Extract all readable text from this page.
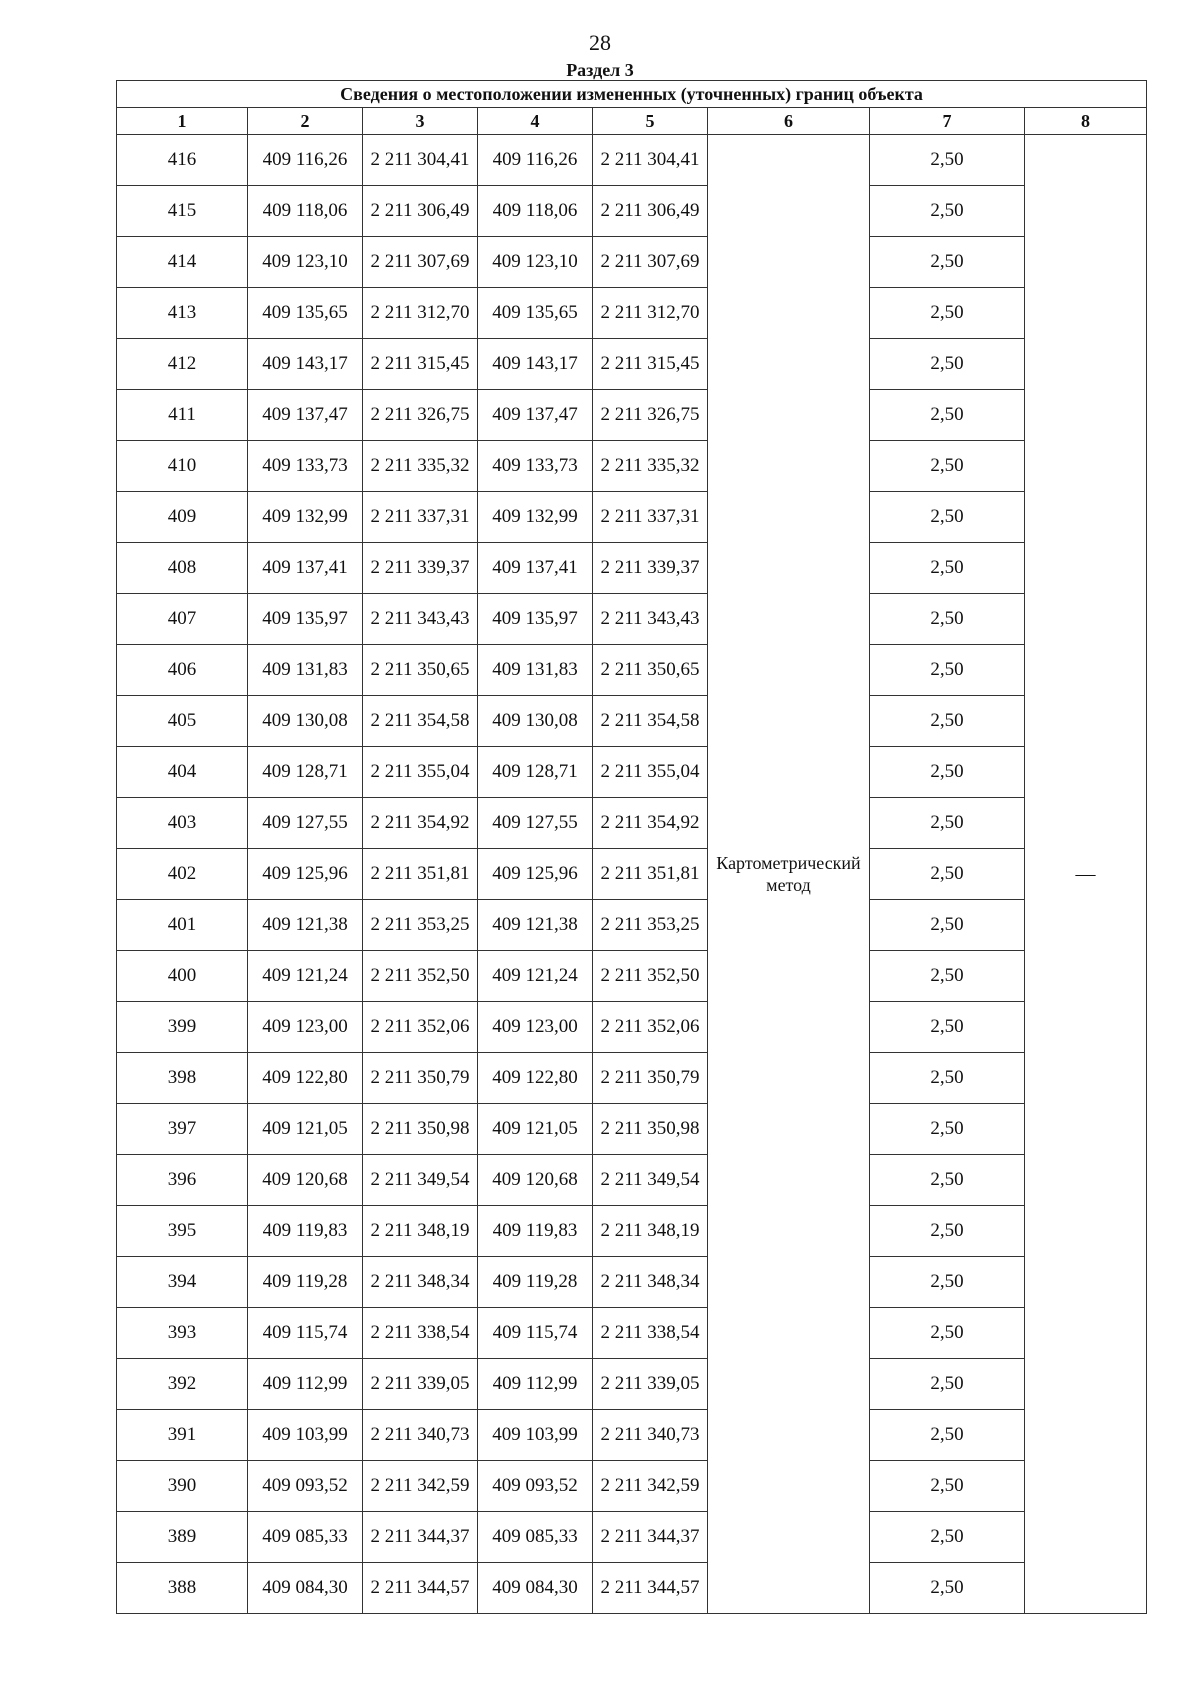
28
Раздел 3
Сведения о местоположении измененных (уточненных) границ объекта							
1	2	3	4	5	6	7	8
416	409 116,26	2 211 304,41	409 116,26	2 211 304,41	Картометрический метод	2,50	—
415	409 118,06	2 211 306,49	409 118,06	2 211 306,49		2,50	
414	409 123,10	2 211 307,69	409 123,10	2 211 307,69		2,50	
413	409 135,65	2 211 312,70	409 135,65	2 211 312,70		2,50	
412	409 143,17	2 211 315,45	409 143,17	2 211 315,45		2,50	
411	409 137,47	2 211 326,75	409 137,47	2 211 326,75		2,50	
410	409 133,73	2 211 335,32	409 133,73	2 211 335,32		2,50	
409	409 132,99	2 211 337,31	409 132,99	2 211 337,31		2,50	
408	409 137,41	2 211 339,37	409 137,41	2 211 339,37		2,50	
407	409 135,97	2 211 343,43	409 135,97	2 211 343,43		2,50	
406	409 131,83	2 211 350,65	409 131,83	2 211 350,65		2,50	
405	409 130,08	2 211 354,58	409 130,08	2 211 354,58		2,50	
404	409 128,71	2 211 355,04	409 128,71	2 211 355,04		2,50	
403	409 127,55	2 211 354,92	409 127,55	2 211 354,92		2,50	
402	409 125,96	2 211 351,81	409 125,96	2 211 351,81		2,50	
401	409 121,38	2 211 353,25	409 121,38	2 211 353,25		2,50	
400	409 121,24	2 211 352,50	409 121,24	2 211 352,50		2,50	
399	409 123,00	2 211 352,06	409 123,00	2 211 352,06		2,50	
398	409 122,80	2 211 350,79	409 122,80	2 211 350,79		2,50	
397	409 121,05	2 211 350,98	409 121,05	2 211 350,98		2,50	
396	409 120,68	2 211 349,54	409 120,68	2 211 349,54		2,50	
395	409 119,83	2 211 348,19	409 119,83	2 211 348,19		2,50	
394	409 119,28	2 211 348,34	409 119,28	2 211 348,34		2,50	
393	409 115,74	2 211 338,54	409 115,74	2 211 338,54		2,50	
392	409 112,99	2 211 339,05	409 112,99	2 211 339,05		2,50	
391	409 103,99	2 211 340,73	409 103,99	2 211 340,73		2,50	
390	409 093,52	2 211 342,59	409 093,52	2 211 342,59		2,50	
389	409 085,33	2 211 344,37	409 085,33	2 211 344,37		2,50	
388	409 084,30	2 211 344,57	409 084,30	2 211 344,57		2,50	
